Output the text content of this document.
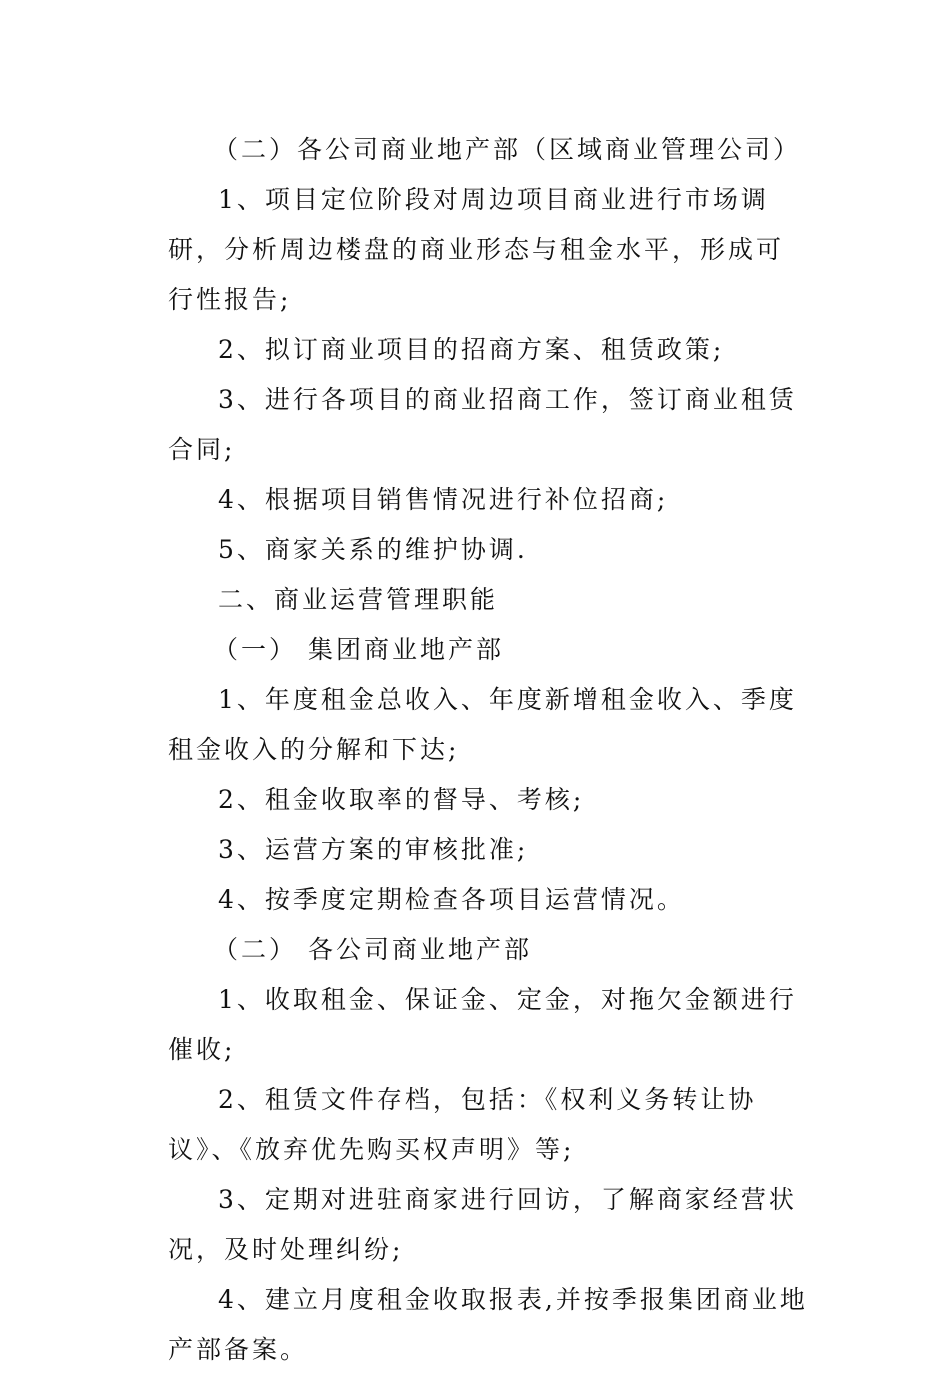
（二）各公司商业地产部（区域商业管理公司）

1、项目定位阶段对周边项目商业进行市场调研，分析周边楼盘的商业形态与租金水平，形成可行性报告;

2、拟订商业项目的招商方案、租赁政策;

3、进行各项目的商业招商工作，签订商业租赁合同;

4、根据项目销售情况进行补位招商;

5、商家关系的维护协调.

二、商业运营管理职能

（一） 集团商业地产部

1、年度租金总收入、年度新增租金收入、季度租金收入的分解和下达;

2、租金收取率的督导、考核;

3、运营方案的审核批准;

4、按季度定期检查各项目运营情况。

（二） 各公司商业地产部

1、收取租金、保证金、定金，对拖欠金额进行催收;

2、租赁文件存档，包括：《权利义务转让协议》、《放弃优先购买权声明》等;

3、定期对进驻商家进行回访，了解商家经营状况，及时处理纠纷;

4、建立月度租金收取报表,并按季报集团商业地产部备案。
